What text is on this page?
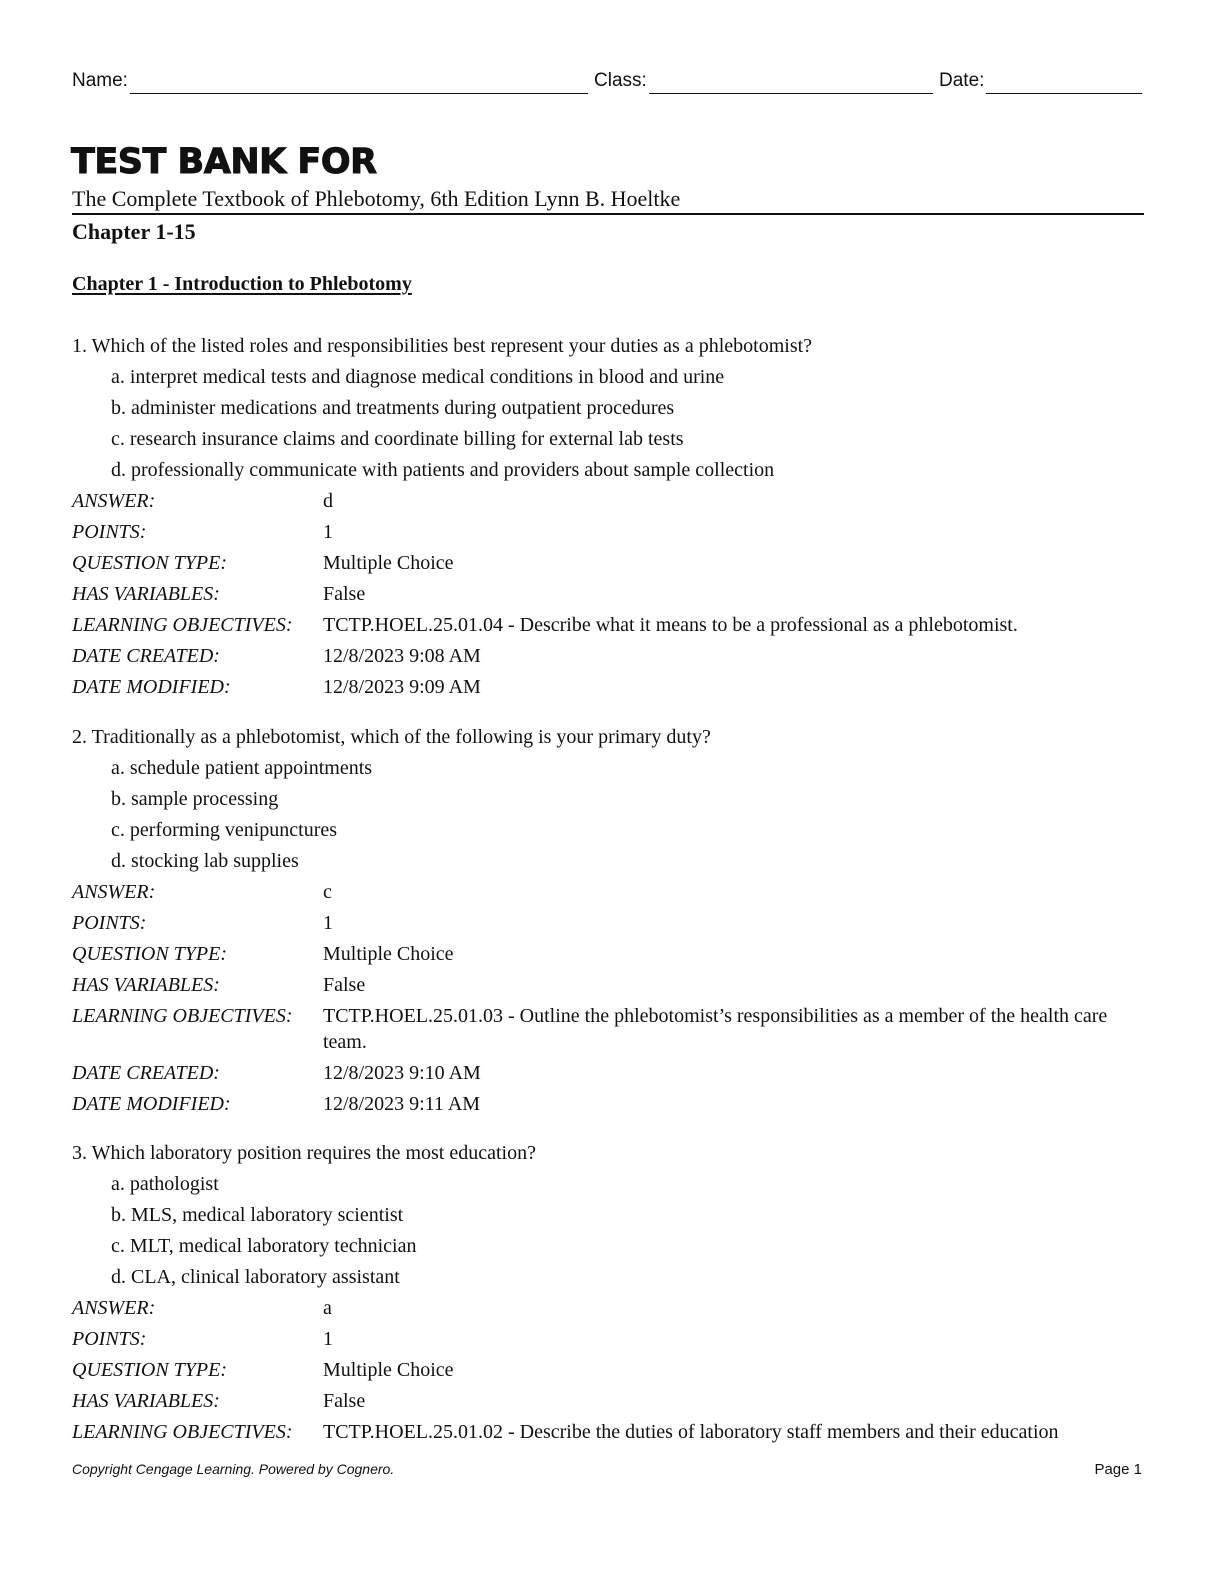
Name:	Class:	Date:
TEST BANK FOR
The Complete Textbook of Phlebotomy, 6th Edition Lynn B. Hoeltke
Chapter 1-15
Chapter 1 - Introduction to Phlebotomy
1. Which of the listed roles and responsibilities best represent your duties as a phlebotomist?
a. interpret medical tests and diagnose medical conditions in blood and urine
b. administer medications and treatments during outpatient procedures
c. research insurance claims and coordinate billing for external lab tests
d. professionally communicate with patients and providers about sample collection
ANSWER:	d
POINTS:	1
QUESTION TYPE:	Multiple Choice
HAS VARIABLES:	False
LEARNING OBJECTIVES:	TCTP.HOEL.25.01.04 - Describe what it means to be a professional as a phlebotomist.
DATE CREATED:	12/8/2023 9:08 AM
DATE MODIFIED:	12/8/2023 9:09 AM
2. Traditionally as a phlebotomist, which of the following is your primary duty?
a. schedule patient appointments
b. sample processing
c. performing venipunctures
d. stocking lab supplies
ANSWER:	c
POINTS:	1
QUESTION TYPE:	Multiple Choice
HAS VARIABLES:	False
LEARNING OBJECTIVES:	TCTP.HOEL.25.01.03 - Outline the phlebotomist’s responsibilities as a member of the health care team.
DATE CREATED:	12/8/2023 9:10 AM
DATE MODIFIED:	12/8/2023 9:11 AM
3. Which laboratory position requires the most education?
a. pathologist
b. MLS, medical laboratory scientist
c. MLT, medical laboratory technician
d. CLA, clinical laboratory assistant
ANSWER:	a
POINTS:	1
QUESTION TYPE:	Multiple Choice
HAS VARIABLES:	False
LEARNING OBJECTIVES:	TCTP.HOEL.25.01.02 - Describe the duties of laboratory staff members and their education
Copyright Cengage Learning. Powered by Cognero.	Page 1
